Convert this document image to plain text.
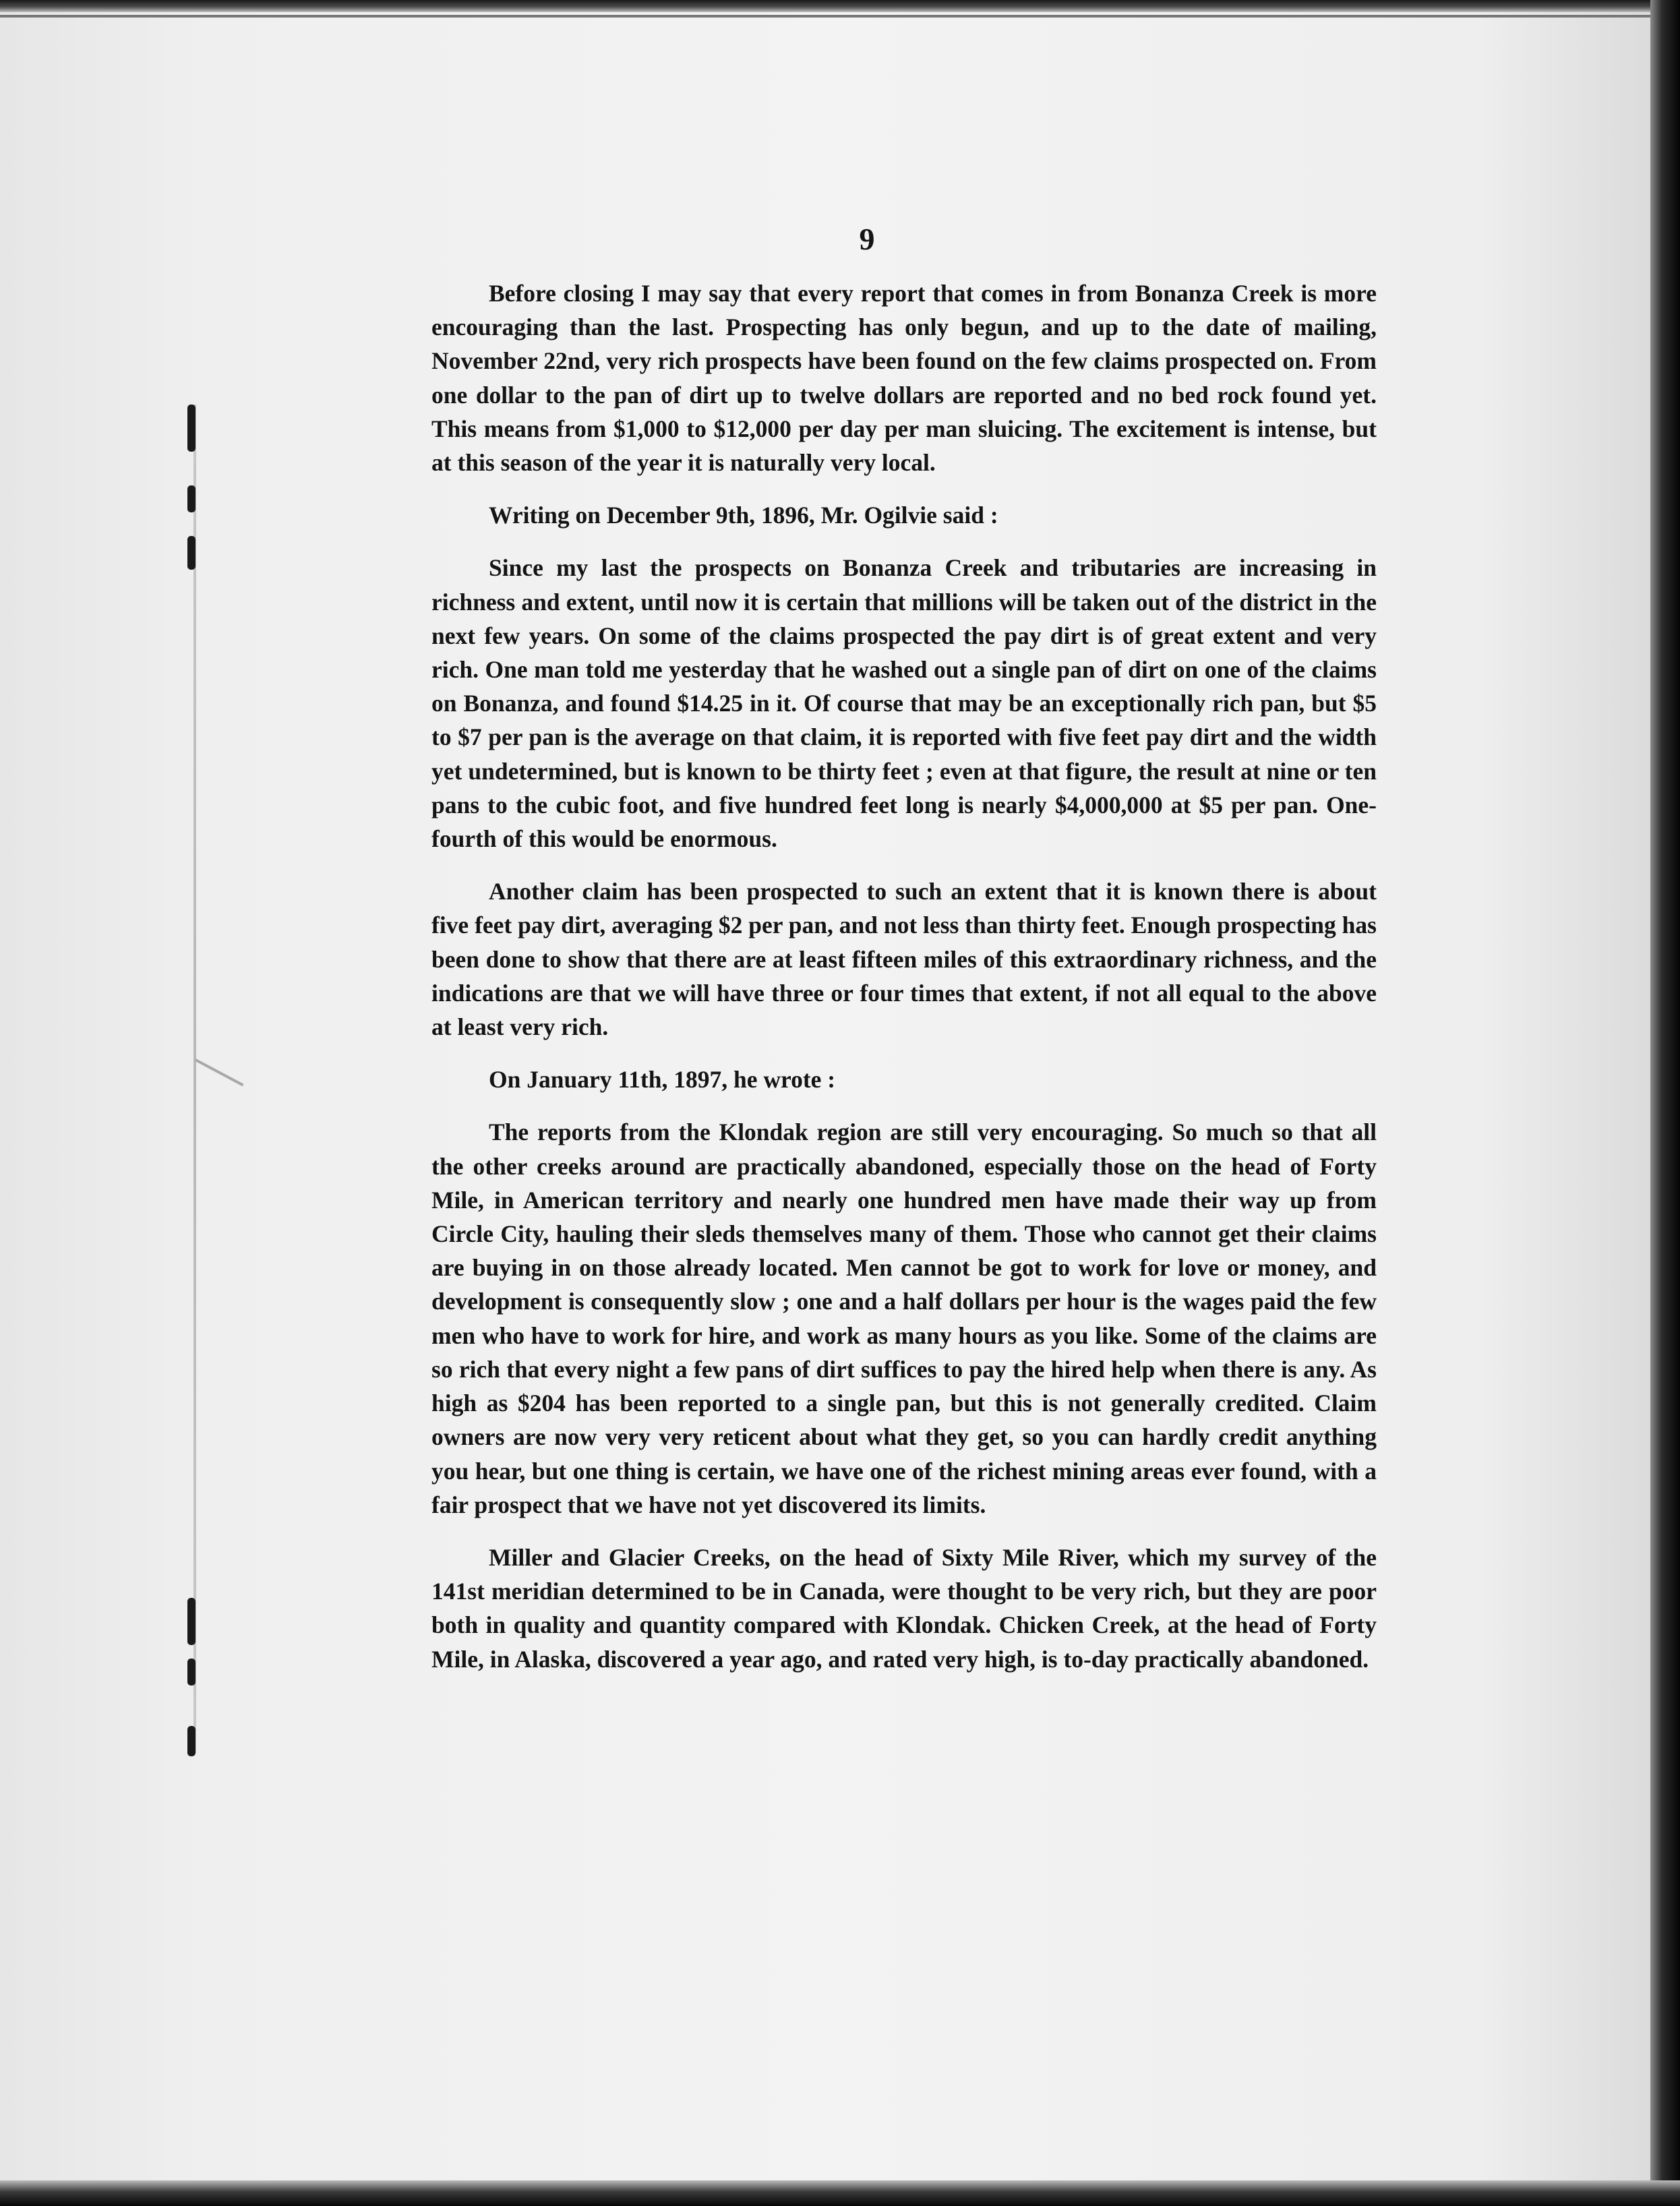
9

Before closing I may say that every report that comes in from Bonanza Creek is more encouraging than the last. Prospecting has only begun, and up to the date of mailing, November 22nd, very rich prospects have been found on the few claims prospected on. From one dollar to the pan of dirt up to twelve dollars are reported and no bed rock found yet. This means from $1,000 to $12,000 per day per man sluicing. The excitement is intense, but at this season of the year it is naturally very local.

Writing on December 9th, 1896, Mr. Ogilvie said :

Since my last the prospects on Bonanza Creek and tributaries are increasing in richness and extent, until now it is certain that millions will be taken out of the district in the next few years. On some of the claims prospected the pay dirt is of great extent and very rich. One man told me yesterday that he washed out a single pan of dirt on one of the claims on Bonanza, and found $14.25 in it. Of course that may be an exceptionally rich pan, but $5 to $7 per pan is the average on that claim, it is reported with five feet pay dirt and the width yet undetermined, but is known to be thirty feet ; even at that figure, the result at nine or ten pans to the cubic foot, and five hundred feet long is nearly $4,000,000 at $5 per pan. One-fourth of this would be enormous.

Another claim has been prospected to such an extent that it is known there is about five feet pay dirt, averaging $2 per pan, and not less than thirty feet. Enough prospecting has been done to show that there are at least fifteen miles of this extraordinary richness, and the indications are that we will have three or four times that extent, if not all equal to the above at least very rich.

On January 11th, 1897, he wrote :

The reports from the Klondak region are still very encouraging. So much so that all the other creeks around are practically abandoned, especially those on the head of Forty Mile, in American territory and nearly one hundred men have made their way up from Circle City, hauling their sleds themselves many of them. Those who cannot get their claims are buying in on those already located. Men cannot be got to work for love or money, and development is consequently slow ; one and a half dollars per hour is the wages paid the few men who have to work for hire, and work as many hours as you like. Some of the claims are so rich that every night a few pans of dirt suffices to pay the hired help when there is any. As high as $204 has been reported to a single pan, but this is not generally credited. Claim owners are now very very reticent about what they get, so you can hardly credit anything you hear, but one thing is certain, we have one of the richest mining areas ever found, with a fair prospect that we have not yet discovered its limits.

Miller and Glacier Creeks, on the head of Sixty Mile River, which my survey of the 141st meridian determined to be in Canada, were thought to be very rich, but they are poor both in quality and quantity compared with Klondak. Chicken Creek, at the head of Forty Mile, in Alaska, discovered a year ago, and rated very high, is to-day practically abandoned.
